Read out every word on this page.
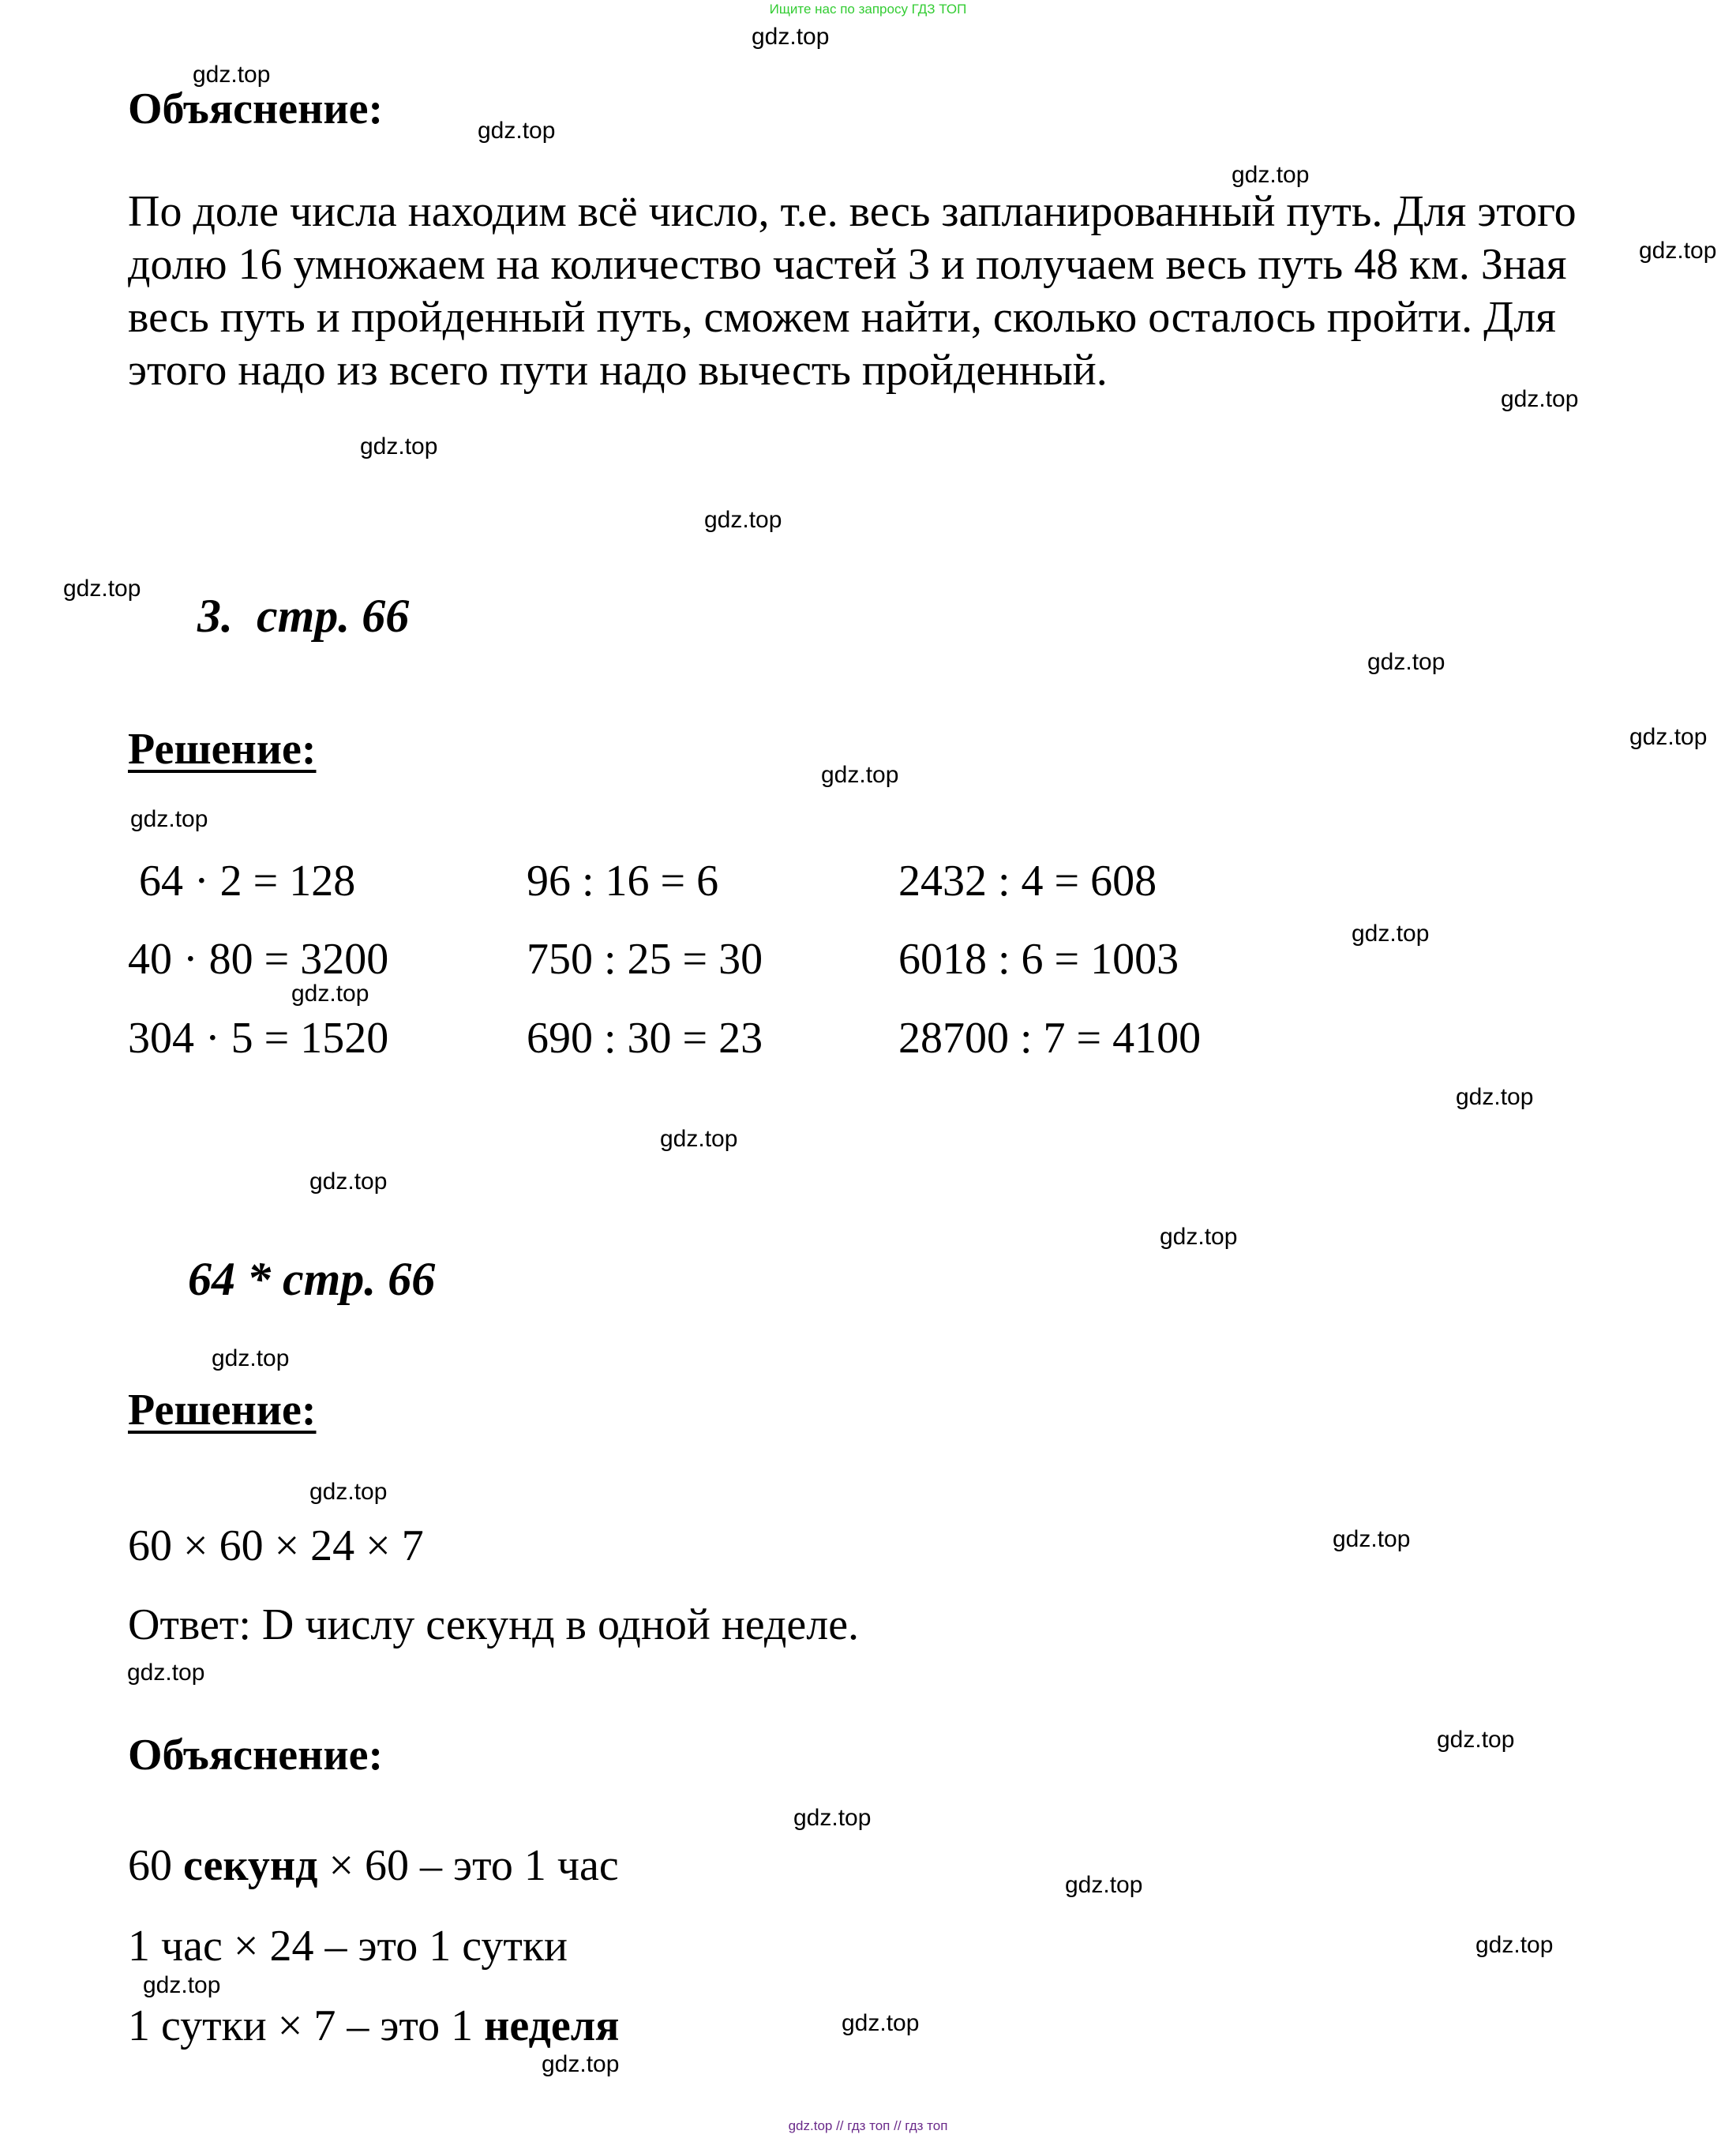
Ищите нас по запросу ГДЗ ТОП
gdz.top
gdz.top
gdz.top
gdz.top
gdz.top
gdz.top
gdz.top
gdz.top
gdz.top
gdz.top
gdz.top
gdz.top
gdz.top
gdz.top
gdz.top
gdz.top
gdz.top
gdz.top
gdz.top
gdz.top
gdz.top
gdz.top
gdz.top
gdz.top
gdz.top
gdz.top
gdz.top
gdz.top
gdz.top
gdz.top
Объяснение:

По доле числа находим всё число, т.е. весь запланированный путь. Для этого
долю 16 умножаем на количество частей 3 и получаем весь путь 48 км. Зная
весь путь и пройденный путь, сможем найти, сколько осталось пройти. Для
этого надо из всего пути надо вычесть пройденный.

3.  стр. 66
Решение:
64 · 2 = 128	96 : 16 = 6	2432 : 4 = 608
40 · 80 = 3200	750 : 25 = 30	6018 : 6 = 1003
304 · 5 = 1520	690 : 30 = 23	28700 : 7 = 4100
64 * стр. 66
Решение:
60 × 60 × 24 × 7
Ответ: D числу секунд в одной неделе.
Объяснение:
60 секунд × 60 – это 1 час
1 час × 24 – это 1 сутки
1 сутки × 7 – это 1 неделя
gdz.top // гдз топ // гдз топ
